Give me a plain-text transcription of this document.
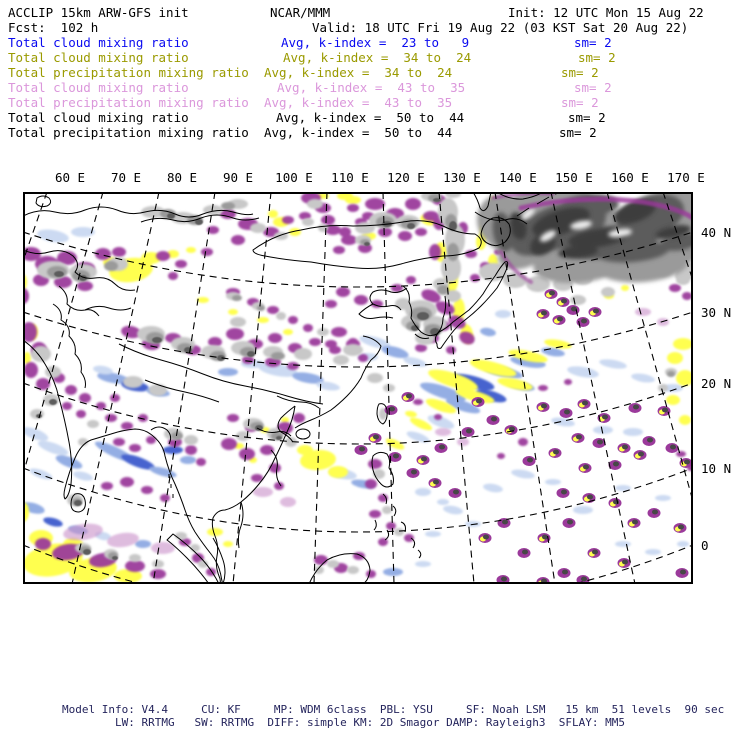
ACCLIP 15km ARW-GFS init	NCAR/MMM	Init: 12 UTC Mon 15 Aug 22
Fcst:  102 h	Valid: 18 UTC Fri 19 Aug 22 (03 KST Sat 20 Aug 22)
Total cloud mixing ratio	Avg, k-index =  23 to   9	sm= 2
Total cloud mixing ratio	Avg, k-index =  34 to  24	sm= 2
Total precipitation mixing ratio Avg, k-index =  34 to  24	sm= 2
Total cloud mixing ratio	Avg, k-index =  43 to  35	sm= 2
Total precipitation mixing ratio Avg, k-index =  43 to  35	sm= 2
Total cloud mixing ratio	Avg, k-index =  50 to  44	sm= 2
Total precipitation mixing ratio Avg, k-index =  50 to  44	sm= 2
60 E 70 E 80 E 90 E 100 E 110 E 120 E 130 E 140 E 150 E 160 E 170 E
40 N
30 N
20 N
10 N
0
Model Info: V4.4     CU: KF     MP: WDM 6class  PBL: YSU     SF: Noah LSM   15 km  51 levels  90 sec
LW: RRTMG   SW: RRTMG  DIFF: simple KM: 2D Smagor DAMP: Rayleigh3  SFLAY: MM5
